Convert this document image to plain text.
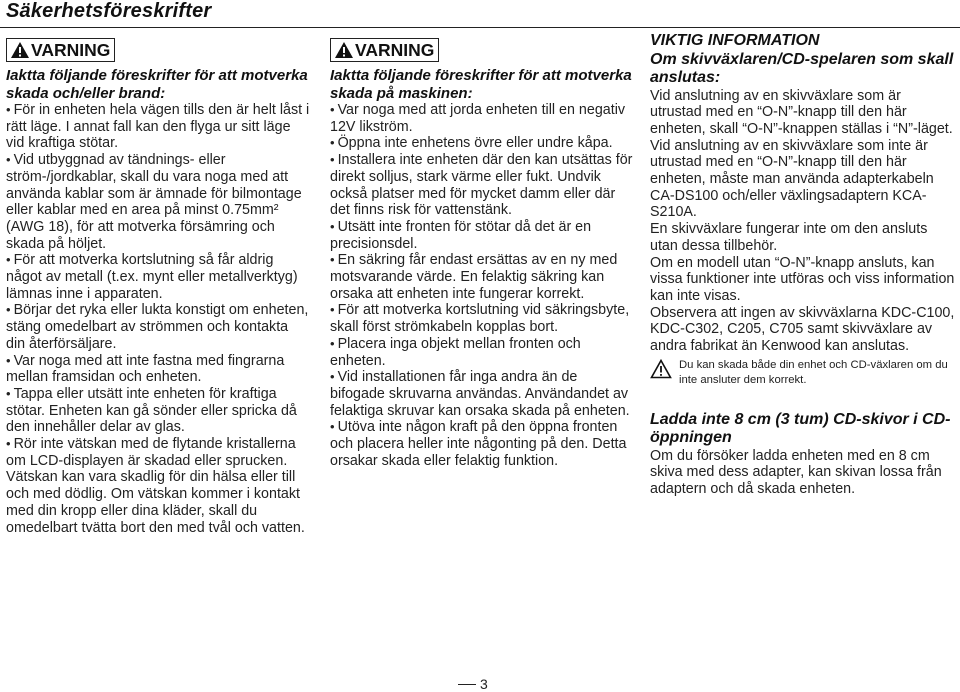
Säkerhetsföreskrifter
VARNING
Iaktta följande föreskrifter för att motverka skada och/eller brand:
• För in enheten hela vägen tills den är helt låst i rätt läge. I annat fall kan den flyga ur sitt läge vid kraftiga stötar.
• Vid utbyggnad av tändnings- eller ström-/jordkablar, skall du vara noga med att använda kablar som är ämnade för bilmontage eller kablar med en area på minst 0.75mm² (AWG 18), för att motverka försämring och skada på höljet.
• För att motverka kortslutning så får aldrig något av metall (t.ex. mynt eller metallverktyg) lämnas inne i apparaten.
• Börjar det ryka eller lukta konstigt om enheten, stäng omedelbart av strömmen och kontakta din återförsäljare.
• Var noga med att inte fastna med fingrarna mellan framsidan och enheten.
• Tappa eller utsätt inte enheten för kraftiga stötar. Enheten kan gå sönder eller spricka då den innehåller delar av glas.
• Rör inte vätskan med de flytande kristallerna om LCD-displayen är skadad eller sprucken. Vätskan kan vara skadlig för din hälsa eller till och med dödlig. Om vätskan kommer i kontakt med din kropp eller dina kläder, skall du omedelbart tvätta bort den med tvål och vatten.
VARNING
Iaktta följande föreskrifter för att motverka skada på maskinen:
• Var noga med att jorda enheten till en negativ 12V likström.
• Öppna inte enhetens övre eller undre kåpa.
• Installera inte enheten där den kan utsättas för direkt solljus, stark värme eller fukt. Undvik också platser med för mycket damm eller där det finns risk för vattenstänk.
• Utsätt inte fronten för stötar då det är en precisionsdel.
• En säkring får endast ersättas av en ny med motsvarande värde. En felaktig säkring kan orsaka att enheten inte fungerar korrekt.
• För att motverka kortslutning vid säkringsbyte, skall först strömkabeln kopplas bort.
• Placera inga objekt mellan fronten och enheten.
• Vid installationen får inga andra än de bifogade skruvarna användas. Användandet av felaktiga skruvar kan orsaka skada på enheten.
• Utöva inte någon kraft på den öppna fronten och placera heller inte någonting på den. Detta orsakar skada eller felaktig funktion.
VIKTIG INFORMATION
Om skivväxlaren/CD-spelaren som skall anslutas:
Vid anslutning av en skivväxlare som är utrustad med en “O-N”-knapp till den här enheten, skall “O-N”-knappen ställas i “N”-läget.
Vid anslutning av en skivväxlare som inte är utrustad med en “O-N”-knapp till den här enheten, måste man använda adapterkabeln CA-DS100 och/eller växlingsadaptern KCA-S210A.
En skivväxlare fungerar inte om den ansluts utan dessa tillbehör.
Om en modell utan “O-N”-knapp ansluts, kan vissa funktioner inte utföras och viss information kan inte visas.
Observera att ingen av skivväxlarna KDC-C100, KDC-C302, C205, C705 samt skivväxlare av andra fabrikat än Kenwood kan anslutas.
Du kan skada både din enhet och CD-växlaren om du inte ansluter dem korrekt.
Ladda inte 8 cm (3 tum) CD-skivor i CD-öppningen
Om du försöker ladda enheten med en 8 cm skiva med dess adapter, kan skivan lossa från adaptern och då skada enheten.
3
